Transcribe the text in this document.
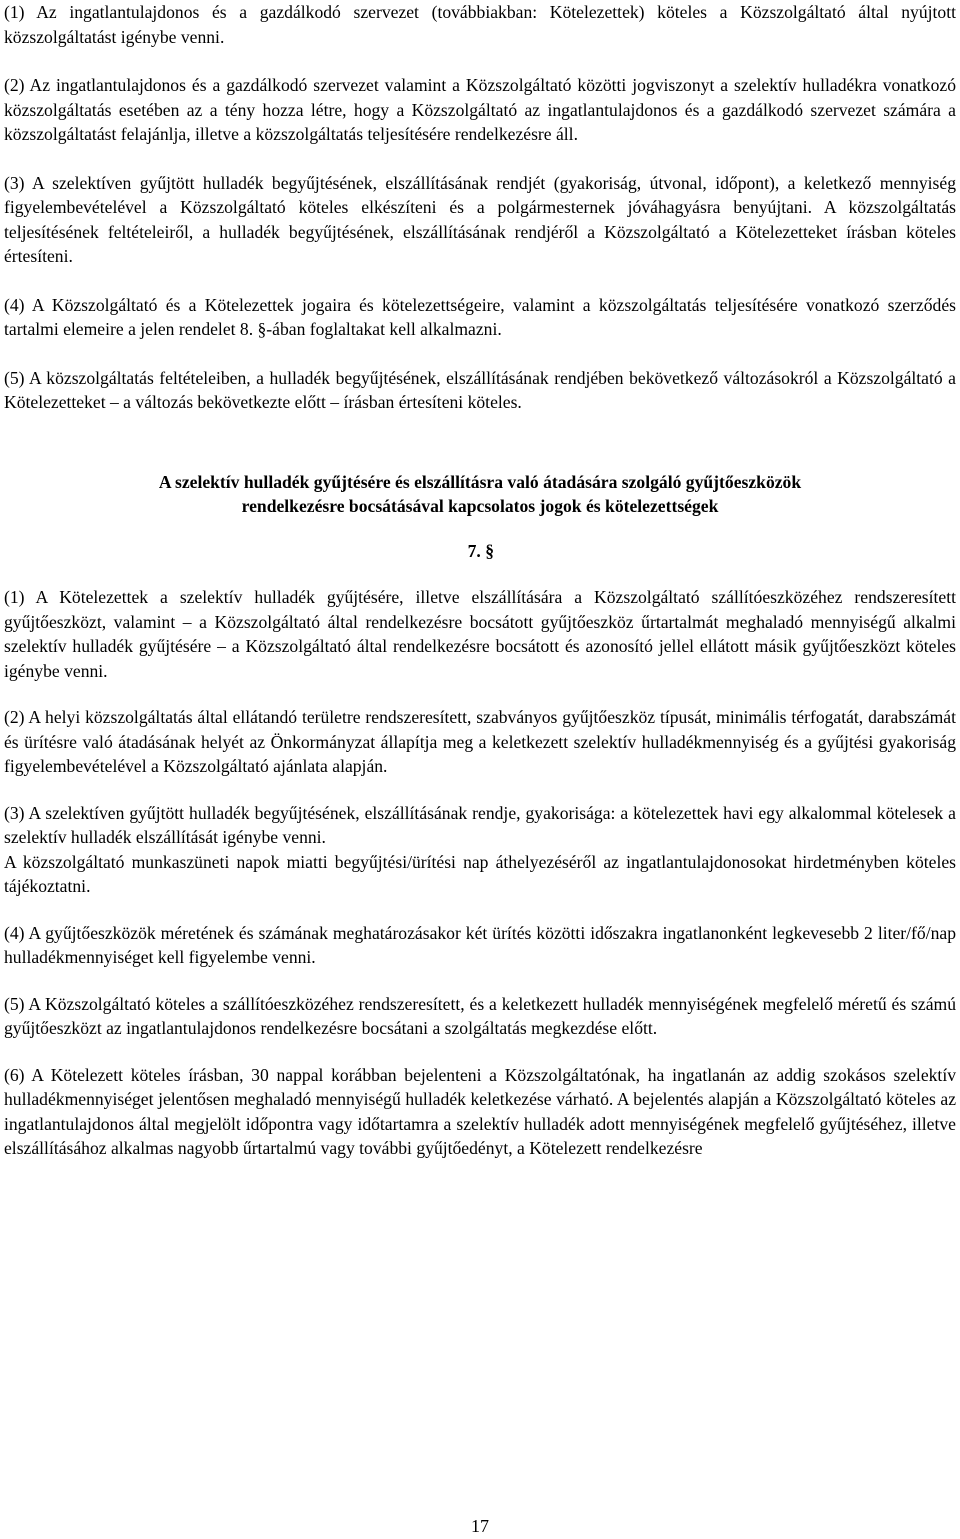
(1) Az ingatlantulajdonos és a gazdálkodó szervezet (továbbiakban: Kötelezettek) köteles a Közszolgáltató által nyújtott közszolgáltatást igénybe venni.

(2) Az ingatlantulajdonos és a gazdálkodó szervezet valamint a Közszolgáltató közötti jogviszonyt a szelektív hulladékra vonatkozó közszolgáltatás esetében az a tény hozza létre, hogy a Közszolgáltató az ingatlantulajdonos és a gazdálkodó szervezet számára a közszolgáltatást felajánlja, illetve a közszolgáltatás teljesítésére rendelkezésre áll.

(3) A szelektíven gyűjtött hulladék begyűjtésének, elszállításának rendjét (gyakoriság, útvonal, időpont), a keletkező mennyiség figyelembevételével a Közszolgáltató köteles elkészíteni és a polgármesternek jóváhagyásra benyújtani. A közszolgáltatás teljesítésének feltételeiről, a hulladék begyűjtésének, elszállításának rendjéről a Közszolgáltató a Kötelezetteket írásban köteles értesíteni.

(4) A Közszolgáltató és a Kötelezettek jogaira és kötelezettségeire, valamint a közszolgáltatás teljesítésére vonatkozó szerződés tartalmi elemeire a jelen rendelet 8. §-ában foglaltakat kell alkalmazni.

(5) A közszolgáltatás feltételeiben, a hulladék begyűjtésének, elszállításának rendjében bekövetkező változásokról a Közszolgáltató a Kötelezetteket – a változás bekövetkezte előtt – írásban értesíteni köteles.

A szelektív hulladék gyűjtésére és elszállításra való átadására szolgáló gyűjtőeszközök

rendelkezésre bocsátásával kapcsolatos jogok és kötelezettségek

7. §

(1) A Kötelezettek a szelektív hulladék gyűjtésére, illetve elszállítására a Közszolgáltató szállítóeszközéhez rendszeresített gyűjtőeszközt, valamint – a Közszolgáltató által rendelkezésre bocsátott gyűjtőeszköz űrtartalmát meghaladó mennyiségű alkalmi szelektív hulladék gyűjtésére – a Közszolgáltató által rendelkezésre bocsátott és azonosító jellel ellátott másik gyűjtőeszközt köteles igénybe venni.

(2) A helyi közszolgáltatás által ellátandó területre rendszeresített, szabványos gyűjtőeszköz típusát, minimális térfogatát, darabszámát és ürítésre való átadásának helyét az Önkormányzat állapítja meg a keletkezett szelektív hulladékmennyiség és a gyűjtési gyakoriság figyelembevételével a Közszolgáltató ajánlata alapján.

(3) A szelektíven gyűjtött hulladék begyűjtésének, elszállításának rendje, gyakorisága: a kötelezettek havi egy alkalommal kötelesek a szelektív hulladék elszállítását igénybe venni.

A közszolgáltató munkaszüneti napok miatti begyűjtési/ürítési nap áthelyezéséről az ingatlantulajdonosokat hirdetményben köteles tájékoztatni.

(4) A gyűjtőeszközök méretének és számának meghatározásakor két ürítés közötti időszakra ingatlanonként legkevesebb 2 liter/fő/nap hulladékmennyiséget kell figyelembe venni.

(5) A Közszolgáltató köteles a szállítóeszközéhez rendszeresített, és a keletkezett hulladék mennyiségének megfelelő méretű és számú gyűjtőeszközt az ingatlantulajdonos rendelkezésre bocsátani a szolgáltatás megkezdése előtt.

(6) A Kötelezett köteles írásban, 30 nappal korábban bejelenteni a Közszolgáltatónak, ha ingatlanán az addig szokásos szelektív hulladékmennyiséget jelentősen meghaladó mennyiségű hulladék keletkezése várható. A bejelentés alapján a Közszolgáltató köteles az ingatlantulajdonos által megjelölt időpontra vagy időtartamra a szelektív hulladék adott mennyiségének megfelelő gyűjtéséhez, illetve elszállításához alkalmas nagyobb űrtartalmú vagy további gyűjtőedényt, a Kötelezett rendelkezésre

17
